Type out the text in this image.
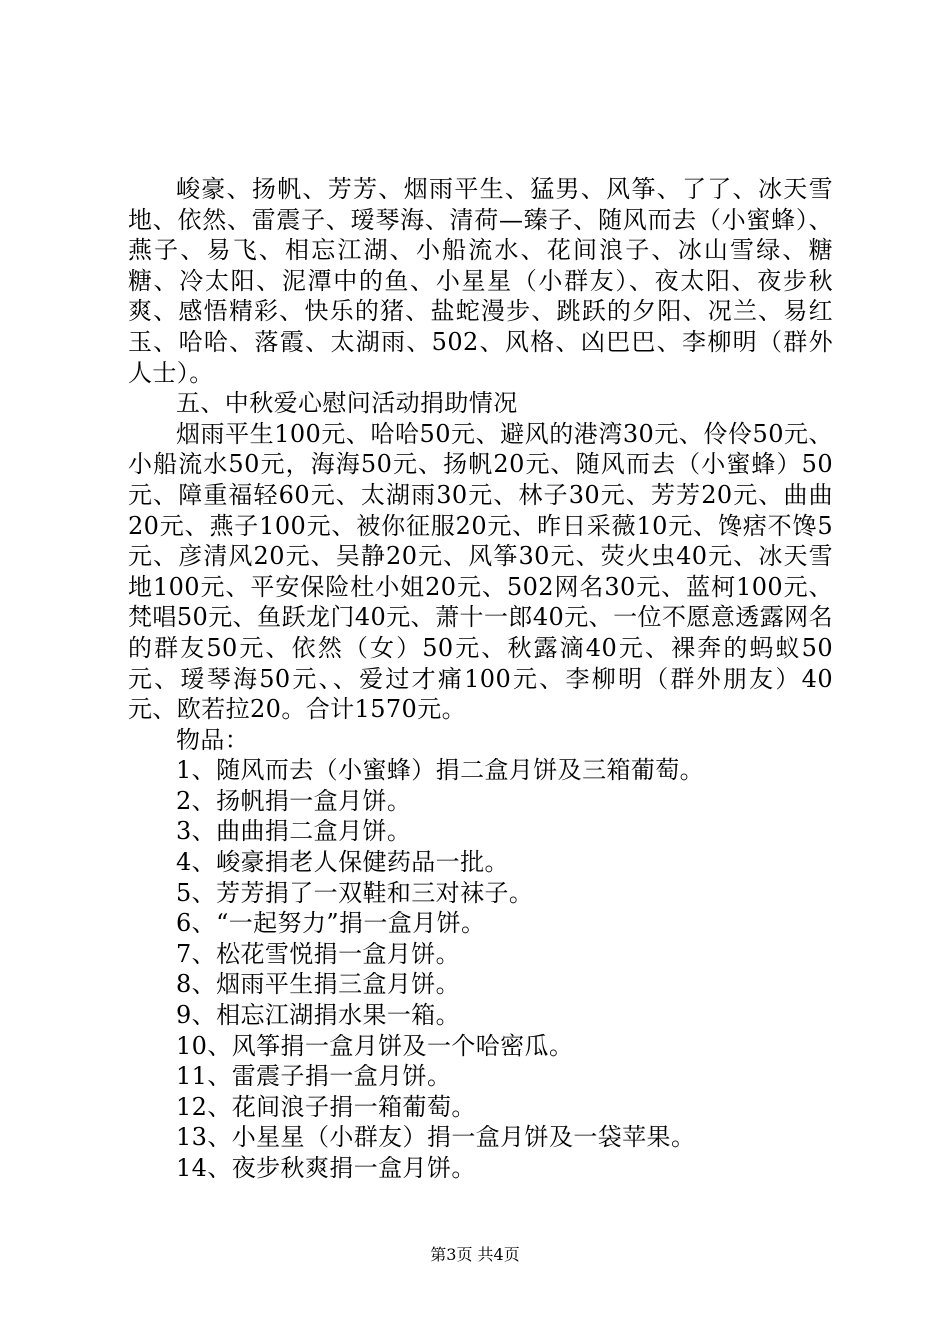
峻豪、扬帆、芳芳、烟雨平生、猛男、风筝、了了、冰天雪地、依然、雷震子、瑷琴海、清荷—臻子、随风而去（小蜜蜂）、燕子、易飞、相忘江湖、小船流水、花间浪子、冰山雪绿、糖糖、冷太阳、泥潭中的鱼、小星星（小群友）、夜太阳、夜步秋爽、感悟精彩、快乐的猪、盐蛇漫步、跳跃的夕阳、况兰、易红玉、哈哈、落霞、太湖雨、502、风格、凶巴巴、李柳明（群外人士）。

五、中秋爱心慰问活动捐助情况

烟雨平生100元、哈哈50元、避风的港湾30元、伶伶50元、小船流水50元，海海50元、扬帆20元、随风而去（小蜜蜂）50元、障重福轻60元、太湖雨30元、林子30元、芳芳20元、曲曲20元、燕子100元、被你征服20元、昨日采薇10元、馋痞不馋5元、彦清风20元、吴静20元、风筝30元、荧火虫40元、冰天雪地100元、平安保险杜小姐20元、502网名30元、蓝柯100元、梵唱50元、鱼跃龙门40元、萧十一郎40元、一位不愿意透露网名的群友50元、依然（女）50元、秋露滴40元、裸奔的蚂蚁50元、瑷琴海50元、、爱过才痛100元、李柳明（群外朋友）40元、欧若拉20。合计1570元。

物品：

1、随风而去（小蜜蜂）捐二盒月饼及三箱葡萄。

2、扬帆捐一盒月饼。

3、曲曲捐二盒月饼。

4、峻豪捐老人保健药品一批。

5、芳芳捐了一双鞋和三对袜子。

6、“一起努力”捐一盒月饼。

7、松花雪悦捐一盒月饼。

8、烟雨平生捐三盒月饼。

9、相忘江湖捐水果一箱。

10、风筝捐一盒月饼及一个哈密瓜。

11、雷震子捐一盒月饼。

12、花间浪子捐一箱葡萄。

13、小星星（小群友）捐一盒月饼及一袋苹果。

14、夜步秋爽捐一盒月饼。

第3页 共4页
